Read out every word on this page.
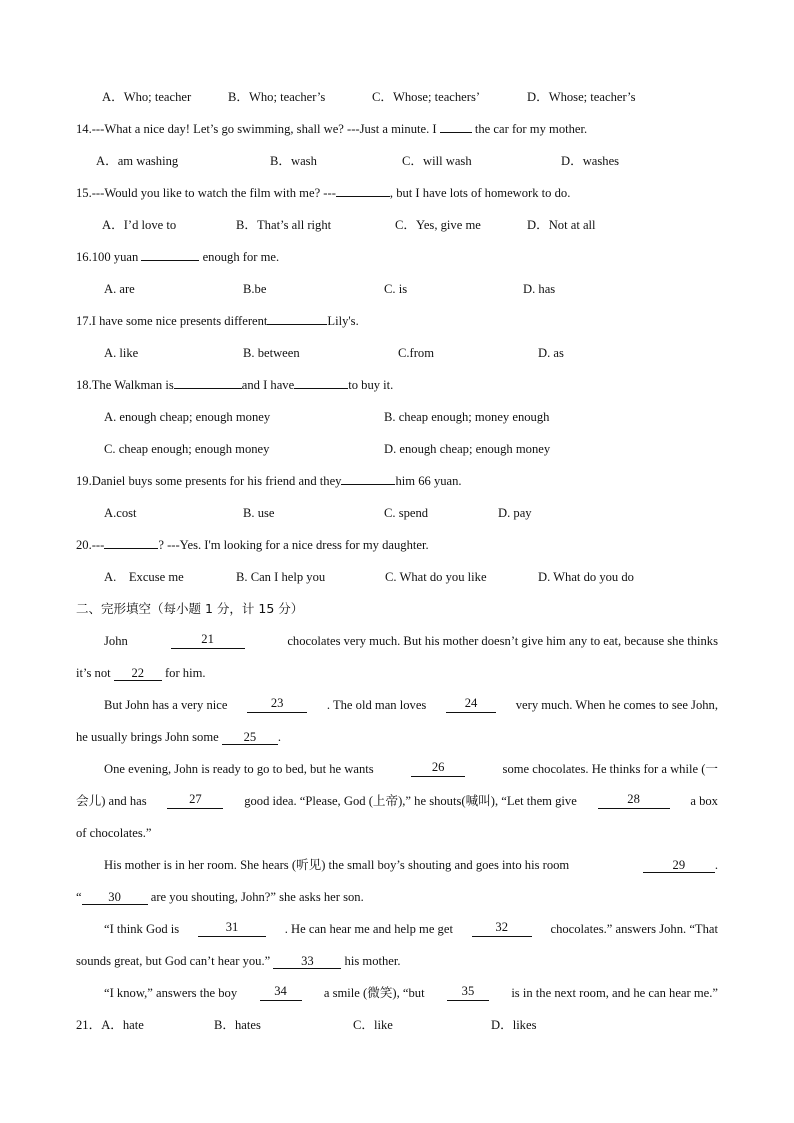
A．Who; teacher	B．Who; teacher’s	C．Whose; teachers’	D．Whose; teacher’s
14.---What a nice day! Let’s go swimming, shall we? ---Just a minute. I	the car for my mother.
A．am washing	B．wash	C．will wash	D．washes
15.---Would you like to watch the film with me? ---	, but I have lots of homework to do.
A．I’d love to	B．That’s all right	C．Yes, give me	D．Not at all
16.100 yuan	enough for me.
A. are	B.be	C. is	D. has
17.I have some nice presents different	Lily's.
A. like	B. between	C.from	D. as
18.The Walkman is	and I have	to buy it.
A. enough cheap; enough money	B. cheap enough; money enough
C. cheap enough; enough money	D. enough cheap; enough money
19.Daniel buys some presents for his friend and they	him 66 yuan.
A.cost	B. use	C. spend	D. pay
20.---	? ---Yes. I'm looking for a nice dress for my daughter.
A.    Excuse me	B. Can I help you	C. What do you like	D. What do you do
二、完形填空（每小题 1 分，计 15 分）
John	21	chocolates very much. But his mother doesn’t give him any to eat, because she thinks
it’s not 22 for him.
But John has a very nice	23	. The old man loves	24	very much. When he comes to see John,
he usually brings John some 25 .
One evening, John is ready to go to bed, but he wants	26	some chocolates. He thinks for a while (一
会儿) and has	27	good idea. “Please, God (上帝),” he shouts(喊叫), “Let them give	28	a box
of chocolates.”
His mother is in her room. She hears (听见) the small boy’s shouting and goes into his room	29 .
“ 30 are you shouting, John?” she asks her son.
“I think God is	31	. He can hear me and help me get	32	chocolates.” answers John. “That
sounds great, but God can’t hear you.” 33 his mother.
“I know,” answers the boy	34	a smile (微笑), “but	35	is in the next room, and he can hear me.”
21．A．hate	B．hates	C．like	D．likes
